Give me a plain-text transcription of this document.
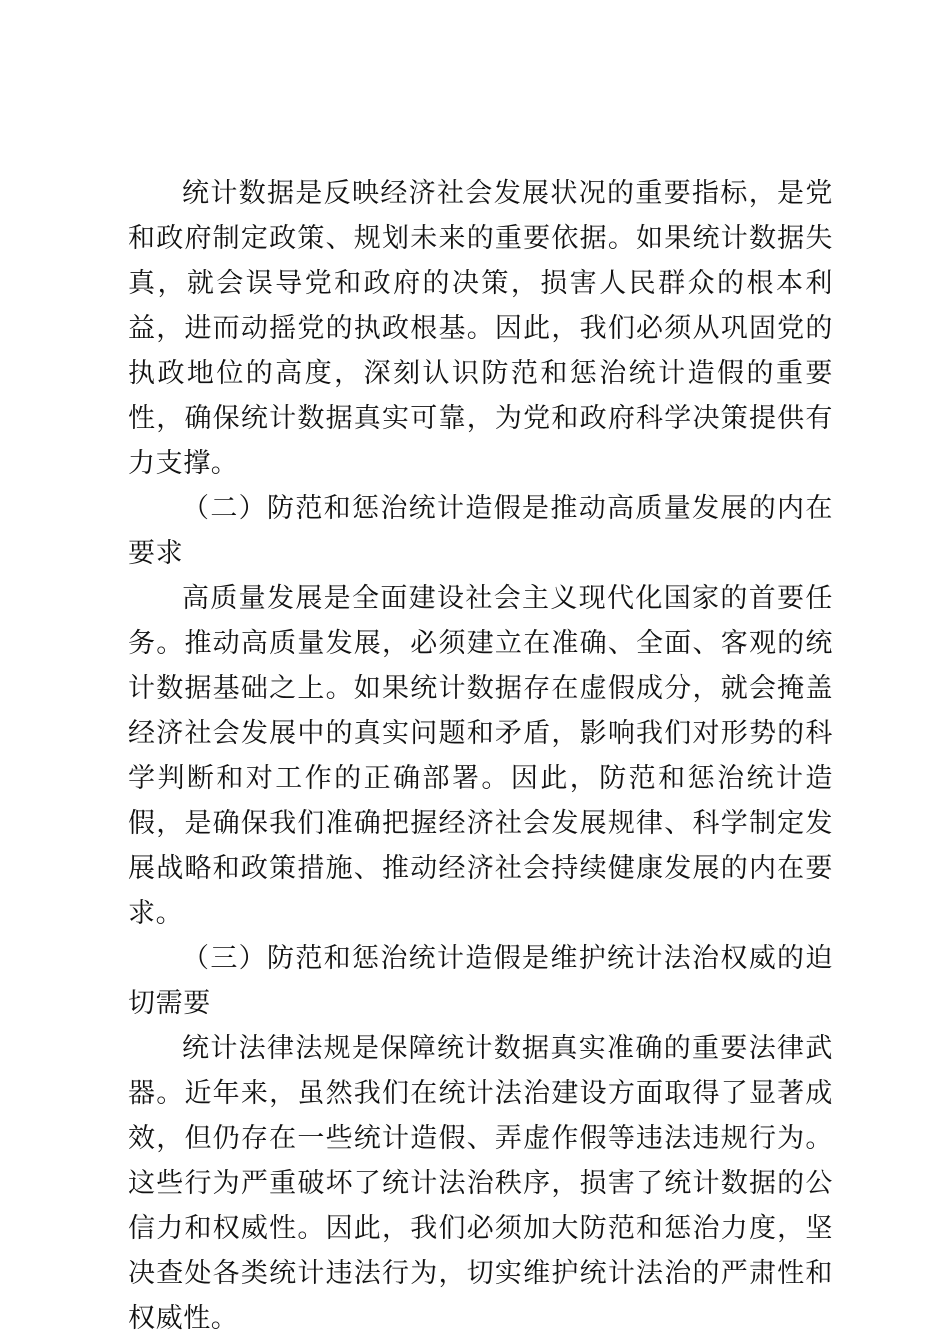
统计数据是反映经济社会发展状况的重要指标，是党和政府制定政策、规划未来的重要依据。如果统计数据失真，就会误导党和政府的决策，损害人民群众的根本利益，进而动摇党的执政根基。因此，我们必须从巩固党的执政地位的高度，深刻认识防范和惩治统计造假的重要性，确保统计数据真实可靠，为党和政府科学决策提供有力支撑。

（二）防范和惩治统计造假是推动高质量发展的内在要求

高质量发展是全面建设社会主义现代化国家的首要任务。推动高质量发展，必须建立在准确、全面、客观的统计数据基础之上。如果统计数据存在虚假成分，就会掩盖经济社会发展中的真实问题和矛盾，影响我们对形势的科学判断和对工作的正确部署。因此，防范和惩治统计造假，是确保我们准确把握经济社会发展规律、科学制定发展战略和政策措施、推动经济社会持续健康发展的内在要求。

（三）防范和惩治统计造假是维护统计法治权威的迫切需要

统计法律法规是保障统计数据真实准确的重要法律武器。近年来，虽然我们在统计法治建设方面取得了显著成效，但仍存在一些统计造假、弄虚作假等违法违规行为。这些行为严重破坏了统计法治秩序，损害了统计数据的公信力和权威性。因此，我们必须加大防范和惩治力度，坚决查处各类统计违法行为，切实维护统计法治的严肃性和权威性。
